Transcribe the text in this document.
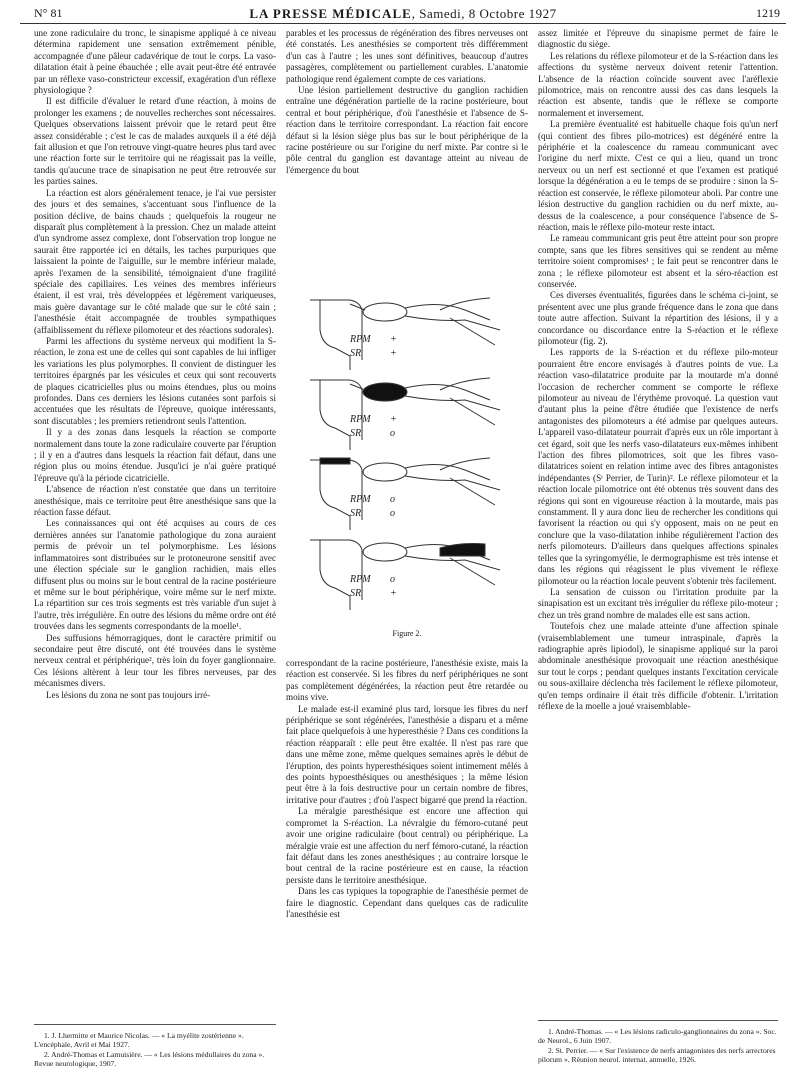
N° 81	LA PRESSE MÉDICALE, Samedi, 8 Octobre 1927	1219

une zone radiculaire du tronc, le sinapisme appliqué à ce niveau détermina rapidement une sensation extrêmement pénible, accompagnée d'une pâleur cadavérique de tout le corps. La vaso-dilatation était à peine ébauchée ; elle avait peut-être été entravée par un réflexe vaso-constricteur excessif, exagération d'un réflexe physiologique ?

Il est difficile d'évaluer le retard d'une réaction, à moins de prolonger les examens ; de nouvelles recherches sont nécessaires. Quelques observations laissent prévoir que le retard peut être assez considérable ; c'est le cas de malades auxquels il a été déjà fait allusion et que l'on retrouve vingt-quatre heures plus tard avec une réaction forte sur le territoire qui ne réagissait pas la veille, tandis qu'aucune trace de sinapisation ne peut être retrouvée sur les parties saines.

La réaction est alors généralement tenace, je l'ai vue persister des jours et des semaines, s'accentuant sous l'influence de la position déclive, de bains chauds ; quelquefois la rougeur ne disparaît plus complètement à la pression. Chez un malade atteint d'un syndrome assez complexe, dont l'observation trop longue ne saurait être rapportée ici en détails, les taches purpuriques que laissaient la pointe de l'aiguille, sur le membre inférieur malade, après l'examen de la sensibilité, témoignaient d'une fragilité spéciale des capillaires. Les veines des membres inférieurs étaient, il est vrai, très développées et légèrement variqueuses, mais guère davantage sur le côté malade que sur le côté sain ; l'anesthésie était accompagnée de troubles sympathiques (affaiblissement du réflexe pilomoteur et des réactions sudorales).

Parmi les affections du système nerveux qui modifient la S-réaction, le zona est une de celles qui sont capables de lui infliger les variations les plus polymorphes. Il convient de distinguer les territoires épargnés par les vésicules et ceux qui sont recouverts de plaques cicatricielles plus ou moins étendues, plus ou moins profondes. Dans ces derniers les lésions cutanées sont parfois si accentuées que les résultats de l'épreuve, quoique intéressants, sont discutables ; les premiers retiendront seuls l'attention.

Il y a des zonas dans lesquels la réaction se comporte normalement dans toute la zone radiculaire couverte par l'éruption ; il y en a d'autres dans lesquels la réaction fait défaut, dans une région plus ou moins étendue. Jusqu'ici je n'ai guère pratiqué l'épreuve qu'à la période cicatricielle.

L'absence de réaction n'est constatée que dans un territoire anesthésique, mais ce territoire peut être anesthésique sans que la réaction fasse défaut.

Les connaissances qui ont été acquises au cours de ces dernières années sur l'anatomie pathologique du zona auraient permis de prévoir un tel polymorphisme. Les lésions inflammatoires sont distribuées sur le protoneurone sensitif avec une élection spéciale sur le ganglion rachidien, mais elles diffusent plus ou moins sur le bout central de la racine postérieure et même sur le bout périphérique, voire même sur le nerf mixte. La répartition sur ces trois segments est très variable d'un sujet à l'autre, très irrégulière. En outre des lésions du même ordre ont été trouvées dans les segments correspondants de la moelle¹.

Des suffusions hémorragiques, dont le caractère primitif ou secondaire peut être discuté, ont été trouvées dans le système nerveux central et périphérique², très loin du foyer ganglionnaire. Ces lésions altèrent à leur tour les fibres nerveuses, par des mécanismes divers.

Les lésions du zona ne sont pas toujours irré-

parables et les processus de régénération des fibres nerveuses ont été constatés. Les anesthésies se comportent très différemment d'un cas à l'autre ; les unes sont définitives, beaucoup d'autres passagères, complètement ou partiellement curables. L'anatomie pathologique rend également compte de ces variations.

Une lésion partiellement destructive du ganglion rachidien entraîne une dégénération partielle de la racine postérieure, bout central et bout périphérique, d'où l'anesthésie et l'absence de S-réaction dans le territoire correspondant. La réaction fait encore défaut si la lésion siège plus bas sur le bout périphérique de la racine postérieure ou sur l'origine du nerf mixte. Par contre si le pôle central du ganglion est davantage atteint au niveau de l'émergence du bout

correspondant de la racine postérieure, l'anesthésie existe, mais la réaction est conservée. Si les fibres du nerf périphériques ne sont pas complètement dégénérées, la réaction peut être retardée ou moins vive.

Le malade est-il examiné plus tard, lorsque les fibres du nerf périphérique se sont régénérées, l'anesthésie a disparu et a même fait place quelquefois à une hyperesthésie ? Dans ces conditions la réaction réapparaît : elle peut être exaltée. Il n'est pas rare que dans une même zone, même quelques semaines après le début de l'éruption, des points hyperesthésiques soient intimement mêlés à des points hypoesthésiques ou anesthésiques ; la même lésion peut être à la fois destructive pour un certain nombre de fibres, irritative pour d'autres ; d'où l'aspect bigarré que prend la réaction.

La méralgie paresthésique est encore une affection qui compromet la S-réaction. La névralgie du fémoro-cutané peut avoir une origine radiculaire (bout central) ou périphérique. La méralgie vraie est une affection du nerf fémoro-cutané, la réaction fait défaut dans les zones anesthésiques ; au contraire lorsque le bout central de la racine postérieure est en cause, la réaction persiste dans le territoire anesthésique.

Dans les cas typiques la topographie de l'anesthésie permet de faire le diagnostic. Cependant dans quelques cas de radiculite l'anesthésie est

RPM +
SR	+
RPM +
SR	o
RPM o
SR	o
RPM o
SR	+
Figure 2.

assez limitée et l'épreuve du sinapisme permet de faire le diagnostic du siège.

Les relations du réflexe pilomoteur et de la S-réaction dans les affections du système nerveux doivent retenir l'attention. L'absence de la réaction coïncide souvent avec l'aréflexie pilomotrice, mais on rencontre aussi des cas dans lesquels la réaction est absente, tandis que le réflexe se comporte normalement et inversement.

La première éventualité est habituelle chaque fois qu'un nerf (qui contient des fibres pilo-motrices) est dégénéré entre la périphérie et la coalescence du rameau communicant avec l'origine du nerf mixte. C'est ce qui a lieu, quand un tronc nerveux ou un nerf est sectionné et que l'examen est pratiqué lorsque la dégénération a eu le temps de se produire : sinon la S-réaction est conservée, le réflexe pilomoteur aboli. Par contre une lésion destructive du ganglion rachidien ou du nerf mixte, au-dessus de la coalescence, a pour conséquence l'absence de S-réaction, mais le réflexe pilo-moteur reste intact.

Le rameau communicant gris peut être atteint pour son propre compte, sans que les fibres sensitives qui se rendent au même territoire soient compromises¹ ; le fait peut se rencontrer dans le zona ; le réflexe pilomoteur est absent et la séro-réaction est conservée.

Ces diverses éventualités, figurées dans le schéma ci-joint, se présentent avec une plus grande fréquence dans le zona que dans toute autre affection. Suivant la répartition des lésions, il y a concordance ou discordance entre la S-réaction et le réflexe pilomoteur (fig. 2).

Les rapports de la S-réaction et du réflexe pilo-moteur pourraient être encore envisagés à d'autres points de vue. La réaction vaso-dilatatrice produite par la moutarde m'a donné l'occasion de rechercher comment se comporte le réflexe pilomoteur au niveau de l'érythème provoqué. La question vaut d'autant plus la peine d'être étudiée que l'existence de nerfs antagonistes des pilomoteurs a été admise par quelques auteurs. L'appareil vaso-dilatateur pourrait d'après eux un rôle important à cet égard, soit que les nerfs vaso-dilatateurs eux-mêmes inhibent l'action des fibres pilomotrices, soit que les fibres vaso-dilatatrices soient en relation intime avec des fibres antagonistes indépendantes (Sᵗ Perrier, de Turin)². Le réflexe pilomoteur et la réaction locale pilomotrice ont été obtenus très souvent dans des régions qui sont en vigoureuse réaction à la moutarde, mais pas constamment. Il y aura donc lieu de rechercher les conditions qui favorisent la réaction ou qui s'y opposent, mais on ne peut en conclure que la vaso-dilatation inhibe régulièrement l'action des nerfs pilomoteurs. D'ailleurs dans quelques affections spinales telles que la syringomyélie, le dermographisme est très intense et dans les régions qui réagissent le plus vivement le réflexe pilomoteur ou la réaction locale peuvent s'obtenir très facilement.

La sensation de cuisson ou l'irritation produite par la sinapisation est un excitant très irrégulier du réflexe pilo-moteur ; chez un très grand nombre de malades elle est sans action.

Toutefois chez une malade atteinte d'une affection spinale (vraisemblablement une tumeur intraspinale, d'après la radiographie après lipiodol), le sinapisme appliqué sur la paroi abdominale anesthésique provoquait une réaction anesthésique sur tout le corps ; pendant quelques instants l'excitation cervicale ou sous-axillaire déclencha très facilement le réflexe pilomoteur, qu'en temps ordinaire il était très difficile d'obtenir. L'irritation réflexe de la moelle a joué vraisemblable-

1. J. Lhermitte et Maurice Nicolas. — « La myélite zostérienne ». L'encéphale, Avril et Mai 1927.

2. André-Thomas et Lamuisière. — « Les lésions médullaires du zona ». Revue neurologique, 1907.

1. André-Thomas. — « Les lésions radiculo-ganglionnaires du zona ». Soc. de Neurol., 6 Juin 1907.

2. St. Perrier. — « Sur l'existence de nerfs antagonistes des nerfs arrectores pilorum ». Réunion neurol. internat. annuelle, 1926.
